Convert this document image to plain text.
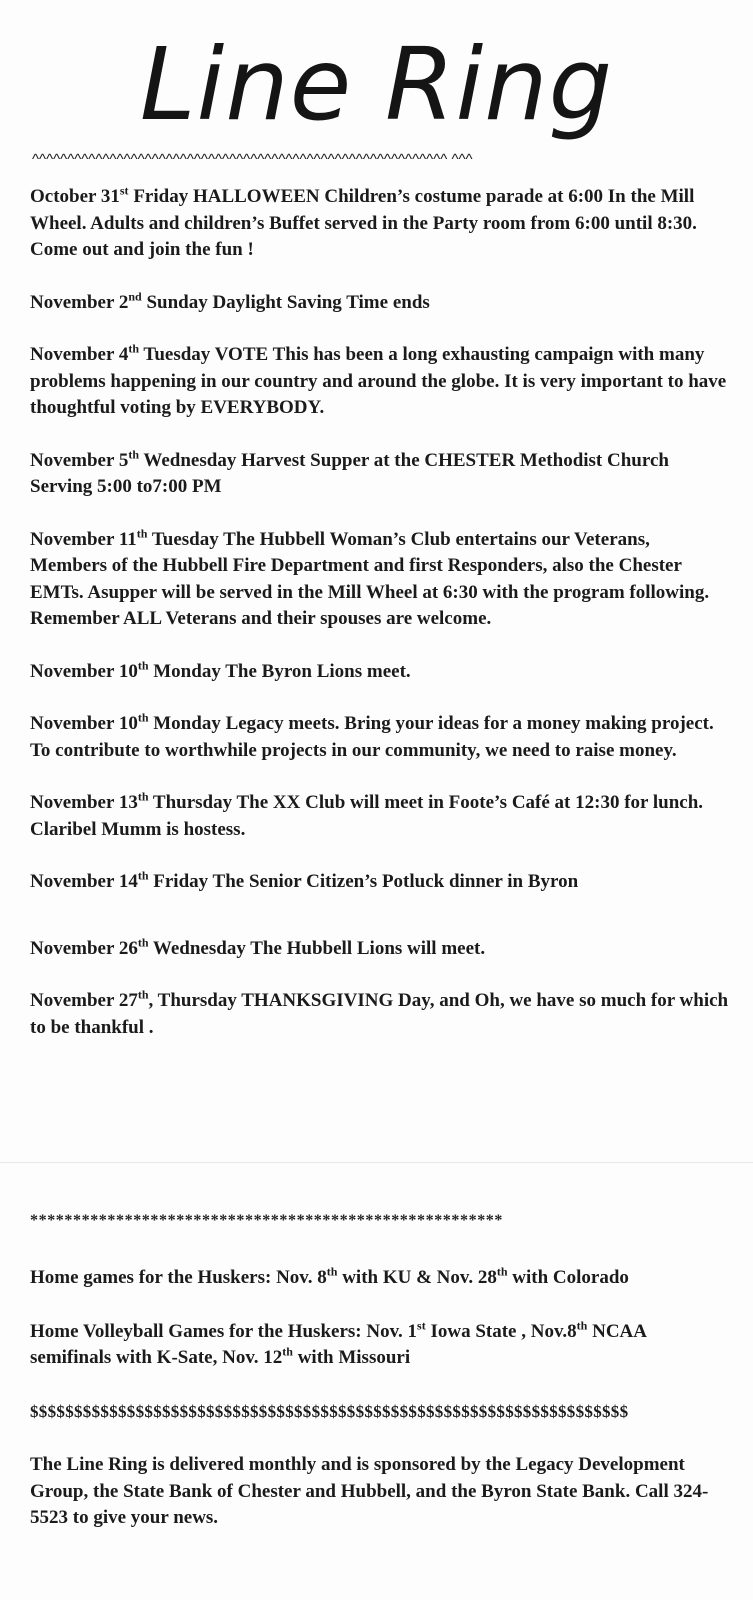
Line Ring
^^^^^^^^^^^^^^^^^^^^^^^^^^^^^^^^^^^^^^^^^^^^^^^^^^^^^^^^^^^ ^^^

October 31st Friday HALLOWEEN Children’s costume parade at 6:00 In the Mill Wheel. Adults and children’s Buffet served in the Party room from 6:00 until 8:30. Come out and join the fun !

November 2nd Sunday Daylight Saving Time ends

November 4th Tuesday VOTE This has been a long exhausting campaign with many problems happening in our country and around the globe. It is very important to have thoughtful voting by EVERYBODY.

November 5th Wednesday Harvest Supper at the CHESTER Methodist Church Serving 5:00 to7:00 PM

November 11th Tuesday The Hubbell Woman’s Club entertains our Veterans, Members of the Hubbell Fire Department and first Responders, also the Chester EMTs. Asupper will be served in the Mill Wheel at 6:30 with the program following. Remember ALL Veterans and their spouses are welcome.

November 10th Monday The Byron Lions meet.

November 10th Monday Legacy meets. Bring your ideas for a money making project. To contribute to worthwhile projects in our community, we need to raise money.

November 13th Thursday The XX Club will meet in Foote’s Café at 12:30 for lunch. Claribel Mumm is hostess.

November 14th Friday The Senior Citizen’s Potluck dinner in Byron

November 26th Wednesday The Hubbell Lions will meet.

November 27th, Thursday THANKSGIVING Day, and Oh, we have so much for which to be thankful .

*******************************************************

Home games for the Huskers: Nov. 8th with KU & Nov. 28th with Colorado

Home Volleyball Games for the Huskers: Nov. 1st Iowa State , Nov.8th NCAA semifinals with K-Sate, Nov. 12th with Missouri

$$$$$$$$$$$$$$$$$$$$$$$$$$$$$$$$$$$$$$$$$$$$$$$$$$$$$$$$$$$$$$$$$$$$

The Line Ring is delivered monthly and is sponsored by the Legacy Development Group, the State Bank of Chester and Hubbell, and the Byron State Bank. Call 324-5523 to give your news.
